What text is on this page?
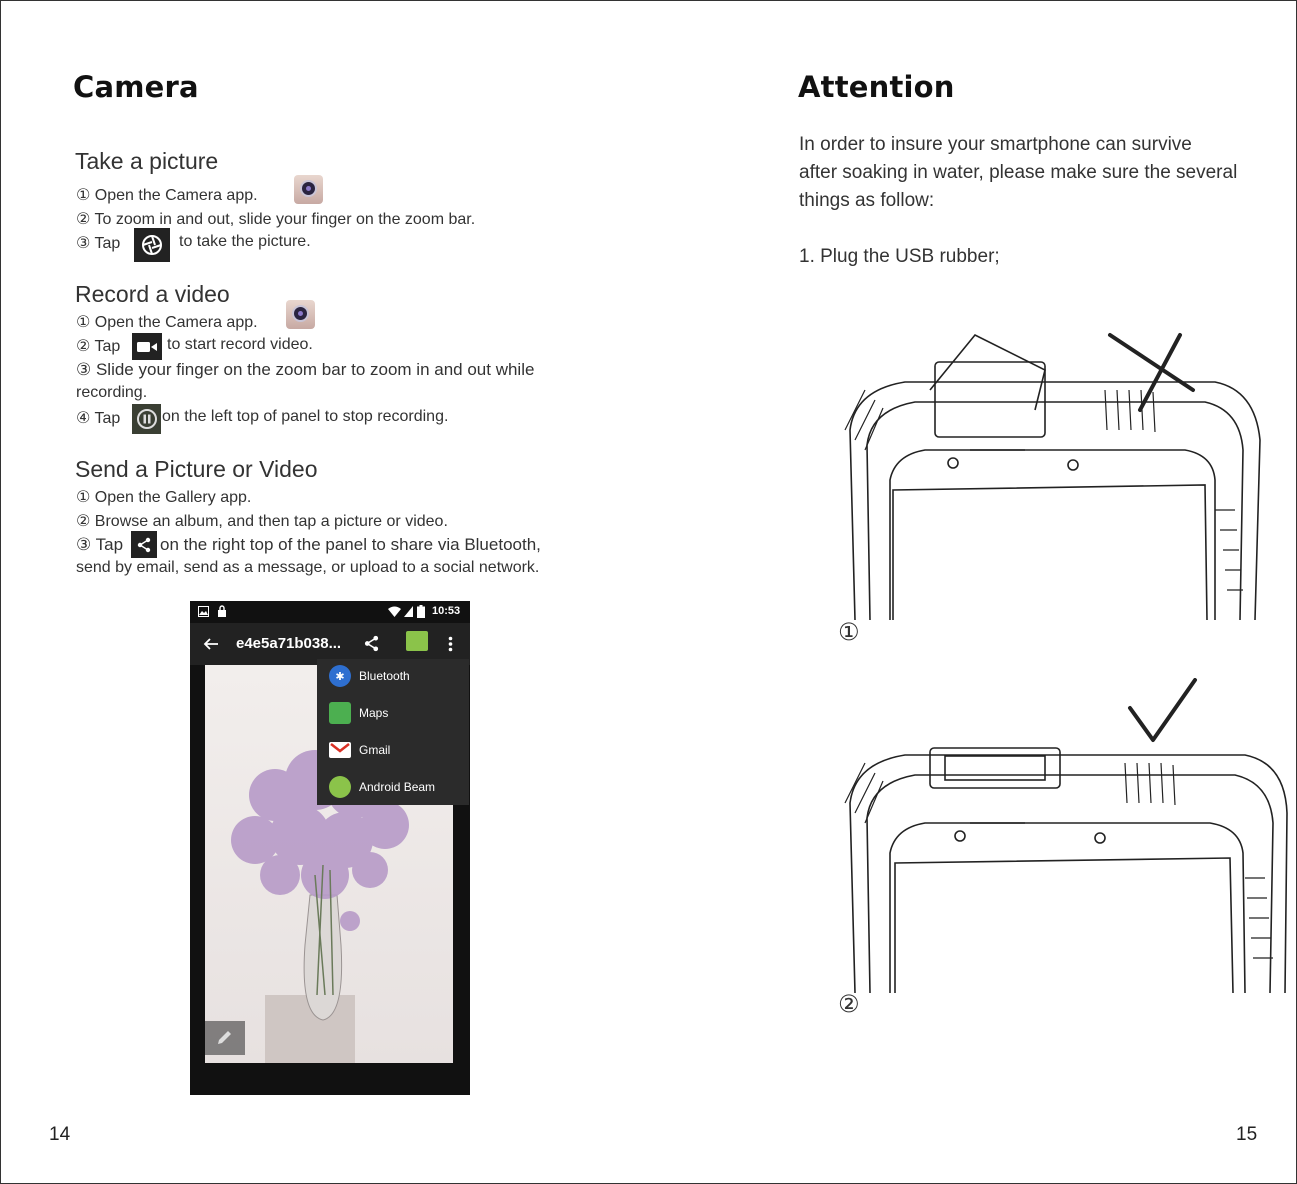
Camera
Take a picture
① Open the Camera app.
② To zoom in and out, slide your finger on the zoom bar.
③ Tap	to take the picture.
Record a video
① Open the Camera app.
② Tap	to start record video.
③ Slide your finger on the zoom bar to zoom in and out while
recording.
④ Tap	on the left top of panel to stop recording.
Send a Picture or Video
① Open the Gallery app.
② Browse an album, and then tap a picture or video.
③ Tap on the right top of the panel to share via Bluetooth,
send by email, send as a message, or upload to a social network.
10:53
e4e5a71b038...
✱	Bluetooth
Maps
Gmail
Android Beam
14
Attention
In order to insure your smartphone can survive
after soaking in water, please make sure the several
things as follow:
1. Plug the USB rubber;
①
②
15
